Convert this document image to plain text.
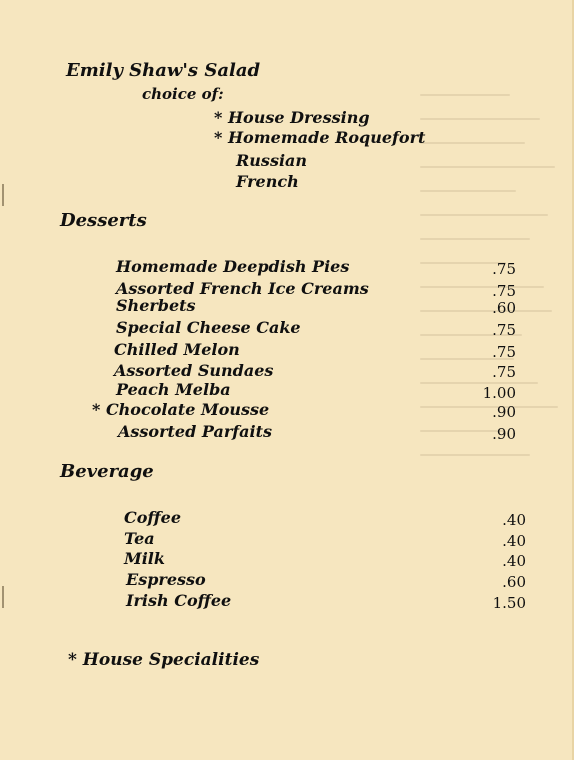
Emily Shaw's Salad
choice of:
* House Dressing
* Homemade Roquefort
Russian
French
Desserts
Homemade Deepdish Pies	.75
Assorted French Ice Creams	.75
Sherbets	.60
Special Cheese Cake	.75
Chilled Melon	.75
Assorted Sundaes	.75
Peach Melba	1.00
* Chocolate Mousse	.90
Assorted Parfaits	.90
Beverage
Coffee	.40
Tea	.40
Milk	.40
Espresso	.60
Irish Coffee	1.50
* House Specialities
